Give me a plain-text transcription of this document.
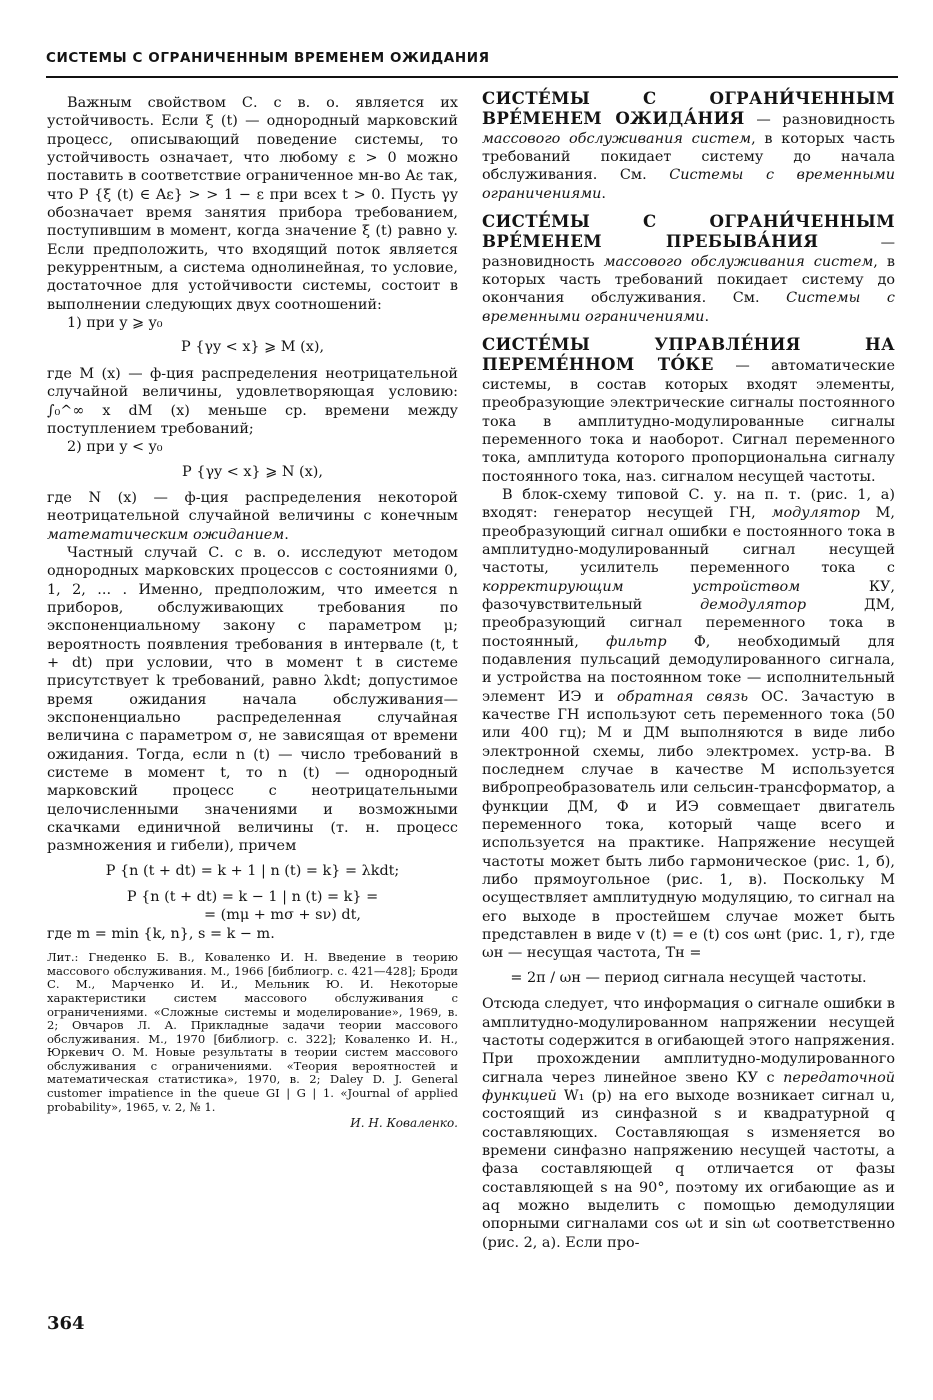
СИСТЕМЫ С ОГРАНИЧЕННЫМ ВРЕМЕНЕМ ОЖИДАНИЯ

Важным свойством С. с в. о. является их устойчивость. Если ξ (t) — однородный марковский процесс, описывающий поведение системы, то устойчивость означает, что любому ε > 0 можно поставить в соответствие ограниченное мн-во Aε так, что P {ξ (t) ∈ Aε} > > 1 − ε при всех t > 0. Пусть γy обозначает время занятия прибора требованием, поступившим в момент, когда значение ξ (t) равно y. Если предположить, что входящий поток является рекуррентным, а система однолинейная, то условие, достаточное для устойчивости системы, состоит в выполнении следующих двух соотношений:

1) при y ⩾ y₀

P {γy < x} ⩾ M (x),

где M (x) — ф-ция распределения неотрицательной случайной величины, удовлетворяющая условию: ∫₀^∞ x dM (x) меньше ср. времени между поступлением требований;

2) при y < y₀

P {γy < x} ⩾ N (x),

где N (x) — ф-ция распределения некоторой неотрицательной случайной величины с конечным математическим ожиданием.

Частный случай С. с в. о. исследуют методом однородных марковских процессов с состояниями 0, 1, 2, ... . Именно, предположим, что имеется n приборов, обслуживающих требования по экспоненциальному закону с параметром μ; вероятность появления требования в интервале (t, t + dt) при условии, что в момент t в системе присутствует k требований, равно λkdt; допустимое время ожидания начала обслуживания—экспоненциально распределенная случайная величина с параметром σ, не зависящая от времени ожидания. Тогда, если n (t) — число требований в системе в момент t, то n (t) — однородный марковский процесс с неотрицательными целочисленными значениями и возможными скачками единичной величины (т. н. процесс размножения и гибели), причем

P {n (t + dt) = k + 1 | n (t) = k} = λkdt;

P {n (t + dt) = k − 1 | n (t) = k} =

= (mμ + mσ + sν) dt,

где m = min {k, n}, s = k − m.

Лит.: Гнеденко Б. В., Коваленко И. Н. Введение в теорию массового обслуживания. М., 1966 [библиогр. с. 421—428]; Броди С. М., Марченко И. И., Мельник Ю. И. Некоторые характеристики систем массового обслуживания с ограничениями. «Сложные системы и моделирование», 1969, в. 2; Овчаров Л. А. Прикладные задачи теории массового обслуживания. М., 1970 [библиогр. с. 322]; Коваленко И. Н., Юркевич О. М. Новые результаты в теории систем массового обслуживания с ограничениями. «Теория вероятностей и математическая статистика», 1970, в. 2; Daley D. J. General customer impatience in the queue GI | G | 1. «Journal of applied probability», 1965, v. 2, № 1.

И. Н. Коваленко.

СИСТЕ́МЫ С ОГРАНИ́ЧЕННЫМ ВРЕ́МЕНЕМ ОЖИДА́НИЯ — разновидность массового обслуживания систем, в которых часть требований покидает систему до начала обслуживания. См. Системы с временными ограничениями.

СИСТЕ́МЫ С ОГРАНИ́ЧЕННЫМ ВРЕ́МЕНЕМ ПРЕБЫВА́НИЯ — разновидность массового обслуживания систем, в которых часть требований покидает систему до окончания обслуживания. См. Системы с временными ограничениями.

СИСТЕ́МЫ УПРАВЛЕ́НИЯ НА ПЕРЕМЕ́ННОМ ТО́КЕ — автоматические системы, в состав которых входят элементы, преобразующие электрические сигналы постоянного тока в амплитудно-модулированные сигналы переменного тока и наоборот. Сигнал переменного тока, амплитуда которого пропорциональна сигналу постоянного тока, наз. сигналом несущей частоты.

В блок-схему типовой С. у. на п. т. (рис. 1, а) входят: генератор несущей ГН, модулятор М, преобразующий сигнал ошибки e постоянного тока в амплитудно-модулированный сигнал несущей частоты, усилитель переменного тока с корректирующим устройством КУ, фазочувствительный демодулятор ДМ, преобразующий сигнал переменного тока в постоянный, фильтр Ф, необходимый для подавления пульсаций демодулированного сигнала, и устройства на постоянном токе — исполнительный элемент ИЭ и обратная связь ОС. Зачастую в качестве ГН используют сеть переменного тока (50 или 400 гц); М и ДМ выполняются в виде либо электронной схемы, либо электромех. устр-ва. В последнем случае в качестве М используется вибропреобразователь или сельсин-трансформатор, а функции ДМ, Ф и ИЭ совмещает двигатель переменного тока, который чаще всего и используется на практике. Напряжение несущей частоты может быть либо гармоническое (рис. 1, б), либо прямоугольное (рис. 1, в). Поскольку М осуществляет амплитудную модуляцию, то сигнал на его выходе в простейшем случае может быть представлен в виде v (t) = e (t) cos ωнt (рис. 1, г), где ωн — несущая частота, Tн =

= 2π / ωн — период сигнала несущей частоты.

Отсюда следует, что информация о сигнале ошибки в амплитудно-модулированном напряжении несущей частоты содержится в огибающей этого напряжения. При прохождении амплитудно-модулированного сигнала через линейное звено КУ с передаточной функцией W₁ (p) на его выходе возникает сигнал u, состоящий из синфазной s и квадратурной q составляющих. Составляющая s изменяется во времени синфазно напряжению несущей частоты, а фаза составляющей q отличается от фазы составляющей s на 90°, поэтому их огибающие as и aq можно выделить с помощью демодуляции опорными сигналами cos ωt и sin ωt соответственно (рис. 2, а). Если про-

364
